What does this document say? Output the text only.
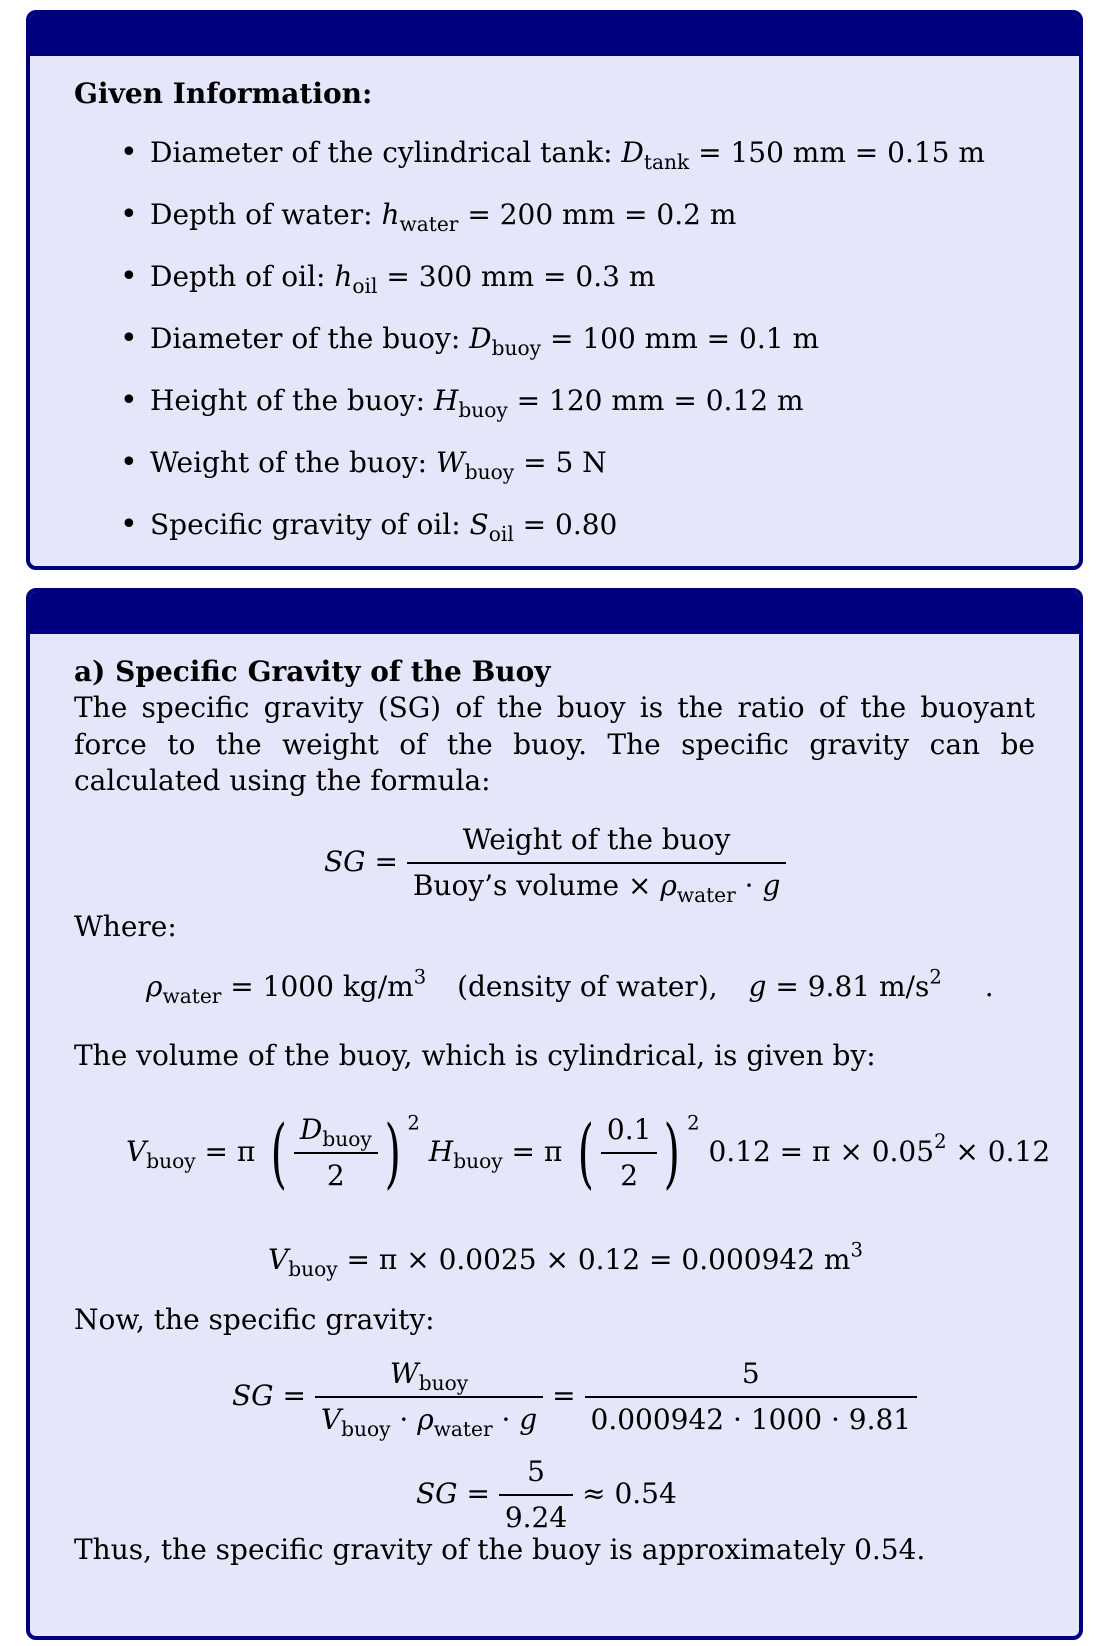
Solution to the Problem
Given Information:
• Diameter of the cylindrical tank: $D_{tank} = 150$ mm = 0.15 m
• Depth of water: $h_{water} = 200$ mm = 0.2 m
• Depth of oil: $h_{oil} = 300$ mm = 0.3 m
• Diameter of the buoy: $D_{buoy} = 100$ mm = 0.1 m
• Height of the buoy: $H_{buoy} = 120$ mm = 0.12 m
• Weight of the buoy: $W_{buoy} = 5$ N
• Specific gravity of oil: $S_{oil} = 0.80$
Solution to the Problem
a) Specific Gravity of the Buoy

The specific gravity (SG) of the buoy is the ratio of the buoyant force to the weight of the buoy. The specific gravity can be calculated using the formula:

SG = $\frac{\text{Weight of the buoy}}{Buoy’s volume \times \rho_{water} \cdot g}$

Where:

$\rho_{water} = 1000$ $kg/m^3$ (density of water), g = 9.81 $m/s^2$ .

The volume of the buoy, which is cylindrical, is given by:

$V_{buoy} = \pi$ ( $\frac{D_{buoy}}{2}$ ) $^2$ $H_{buoy} = \pi$ ( $\frac{0.1}{2}$ ) $^2$ $0.12 = \pi \times 0.05^2 \times 0.12$
$V_{buoy} = \pi \times 0.0025 \times 0.12 = 0.000942$ $m^3$

Now, the specific gravity:

SG = $\frac{W_{buoy}}{V_{buoy} \cdot \rho_{water} \cdot g} = \frac{5}{0.000942 \cdot 1000 \cdot 9.81}$
SG = $\frac{5}{9.24} \approx 0.54$

Thus, the specific gravity of the buoy is approximately 0.54.
